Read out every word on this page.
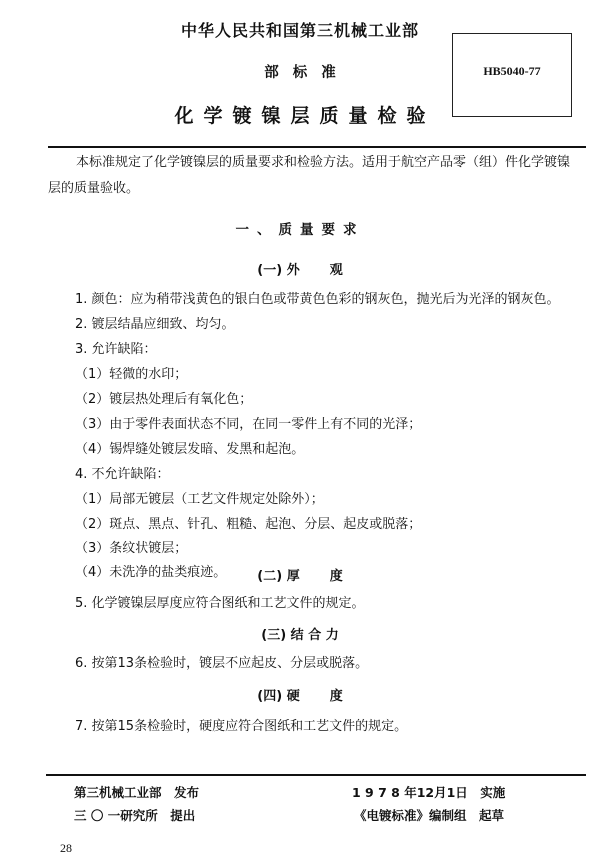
中华人民共和国第三机械工业部
部标准
化学镀镍层质量检验
HB5040-77
本标准规定了化学镀镍层的质量要求和检验方法。适用于航空产品零（组）件化学镀镍层的质量验收。
一、质量要求
(一) 外 观
1. 颜色：应为稍带浅黄色的银白色或带黄色色彩的钢灰色，抛光后为光泽的钢灰色。
2. 镀层结晶应细致、均匀。
3. 允许缺陷：
（1）轻微的水印；
（2）镀层热处理后有氧化色；
（3）由于零件表面状态不同，在同一零件上有不同的光泽；
（4）锡焊缝处镀层发暗、发黑和起泡。
4. 不允许缺陷：
（1）局部无镀层（工艺文件规定处除外）；
（2）斑点、黑点、针孔、粗糙、起泡、分层、起皮或脱落；
（3）条纹状镀层；
（4）未洗净的盐类痕迹。	(二) 厚 度
5. 化学镀镍层厚度应符合图纸和工艺文件的规定。
(三) 结 合 力
6. 按第13条检验时，镀层不应起皮、分层或脱落。
(四) 硬 度
7. 按第15条检验时，硬度应符合图纸和工艺文件的规定。
第三机械工业部　发布
三 〇 一研究所　提出
1 9 7 8 年12月1日　实施
《电镀标准》编制组　起草
28
